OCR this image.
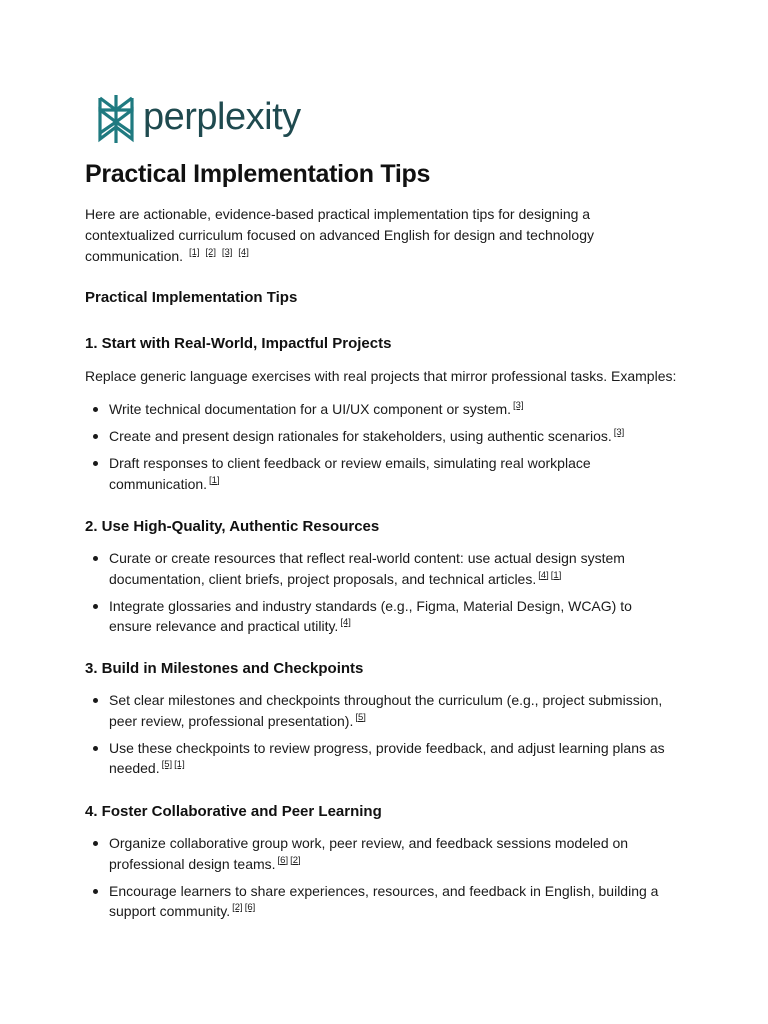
perplexity
Practical Implementation Tips

Here are actionable, evidence-based practical implementation tips for designing a contextualized curriculum focused on advanced English for design and technology communication. [1] [2] [3] [4]

Practical Implementation Tips
1. Start with Real-World, Impactful Projects

Replace generic language exercises with real projects that mirror professional tasks. Examples:

Write technical documentation for a UI/UX component or system. [3]
Create and present design rationales for stakeholders, using authentic scenarios. [3]
Draft responses to client feedback or review emails, simulating real workplace communication. [1]
2. Use High-Quality, Authentic Resources
Curate or create resources that reflect real-world content: use actual design system documentation, client briefs, project proposals, and technical articles. [4] [1]
Integrate glossaries and industry standards (e.g., Figma, Material Design, WCAG) to ensure relevance and practical utility. [4]
3. Build in Milestones and Checkpoints
Set clear milestones and checkpoints throughout the curriculum (e.g., project submission, peer review, professional presentation). [5]
Use these checkpoints to review progress, provide feedback, and adjust learning plans as needed. [5] [1]
4. Foster Collaborative and Peer Learning
Organize collaborative group work, peer review, and feedback sessions modeled on professional design teams. [6] [2]
Encourage learners to share experiences, resources, and feedback in English, building a support community. [2] [6]
